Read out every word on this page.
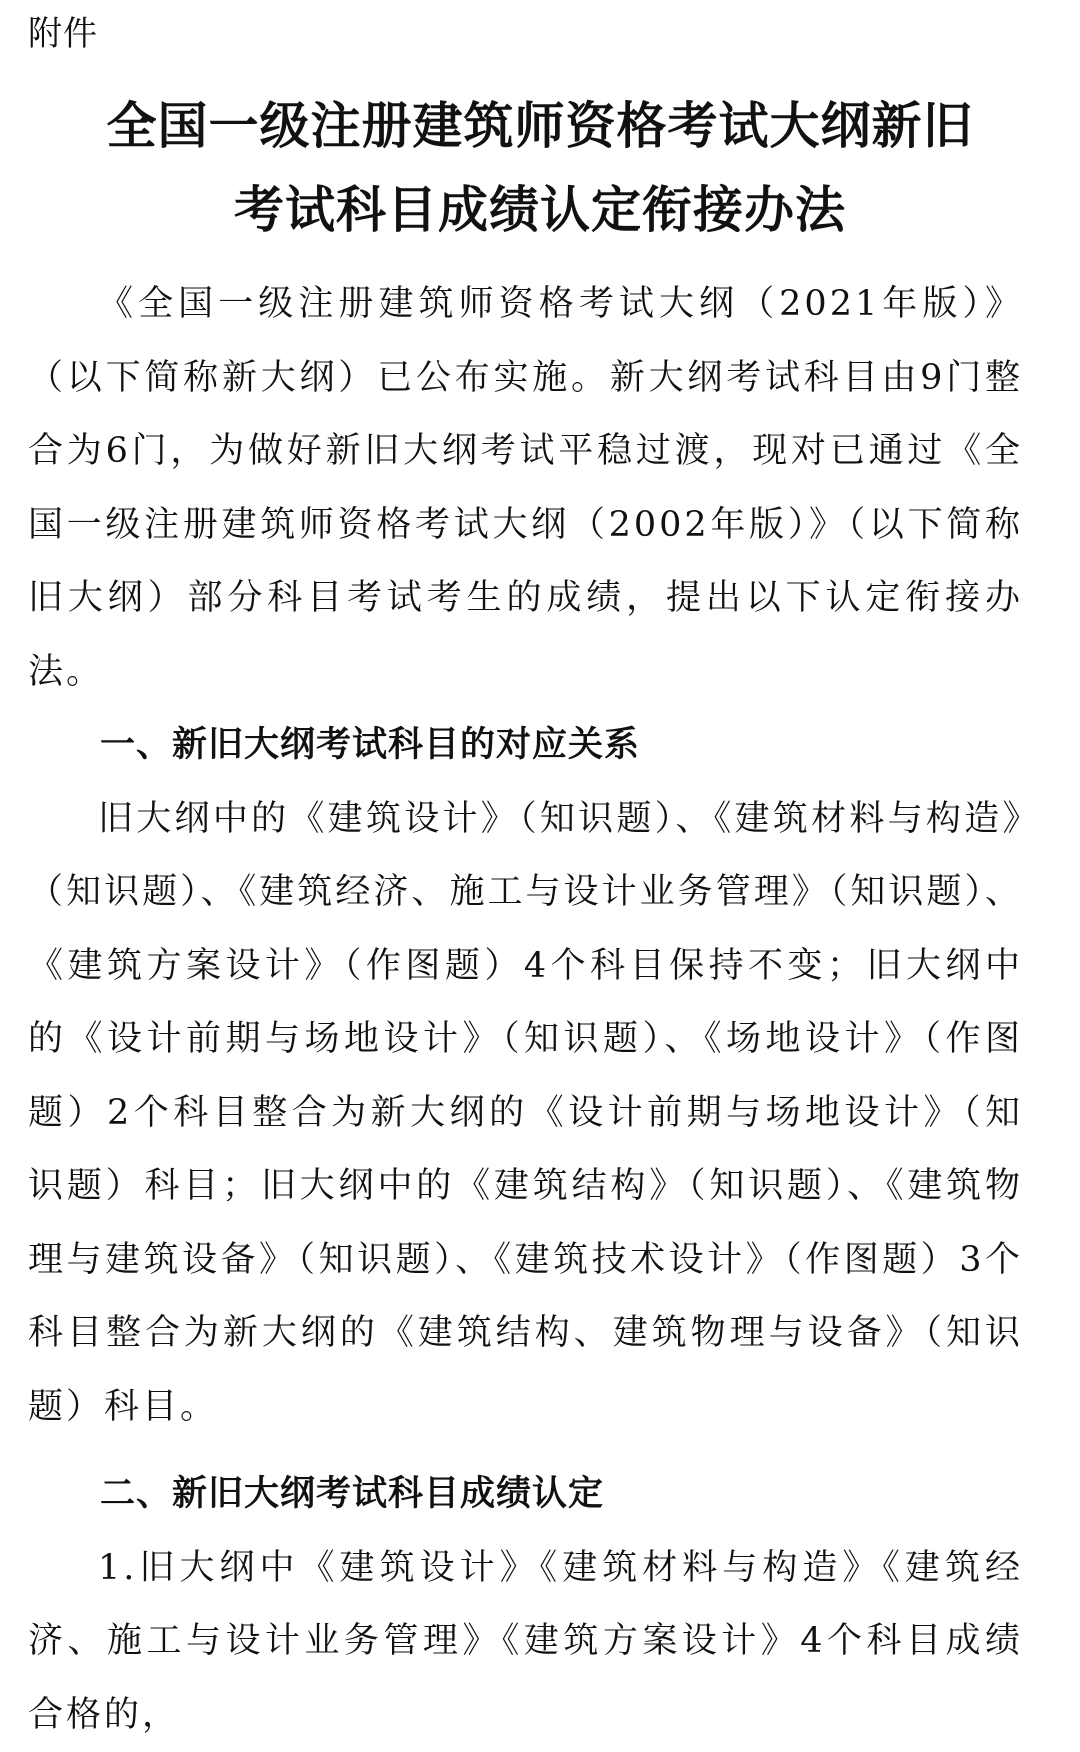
附件
全国一级注册建筑师资格考试大纲新旧
考试科目成绩认定衔接办法

《全国一级注册建筑师资格考试大纲（2021年版）》（以下简称新大纲）已公布实施。新大纲考试科目由9门整合为6门，为做好新旧大纲考试平稳过渡，现对已通过《全国一级注册建筑师资格考试大纲（2002年版）》（以下简称旧大纲）部分科目考试考生的成绩，提出以下认定衔接办法。

一、新旧大纲考试科目的对应关系

旧大纲中的《建筑设计》（知识题）、《建筑材料与构造》（知识题）、《建筑经济、施工与设计业务管理》（知识题）、《建筑方案设计》（作图题）4个科目保持不变；旧大纲中的《设计前期与场地设计》（知识题）、《场地设计》（作图题）2个科目整合为新大纲的《设计前期与场地设计》（知识题）科目；旧大纲中的《建筑结构》（知识题）、《建筑物理与建筑设备》（知识题）、《建筑技术设计》（作图题）3个科目整合为新大纲的《建筑结构、建筑物理与设备》（知识题）科目。

二、新旧大纲考试科目成绩认定

1.旧大纲中《建筑设计》《建筑材料与构造》《建筑经济、施工与设计业务管理》《建筑方案设计》4个科目成绩合格的，
